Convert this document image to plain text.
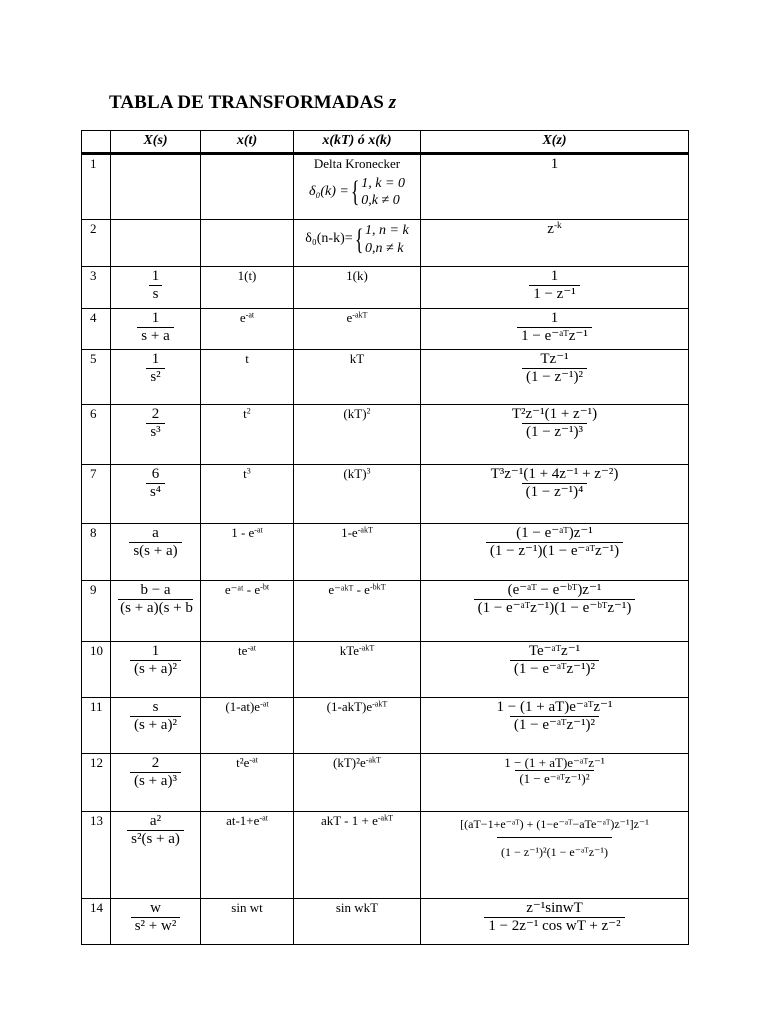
TABLA DE TRANSFORMADAS z
	X(s)	x(t)	x(kT) ó x(k)	X(z)
1			Delta Kronecker
δ₀(k) = { 1, k = 0
0,k ≠ 0	1
2			δ₀(n-k)= { 1, n = k
0,n ≠ k	$z^{-k}$
3	$\frac{1}{s}$	1(t)	1(k)	$\frac{1}{\text{1 − z⁻¹}}$

4	$\frac{1}{s + a}$	$e^{-at}$	$e^{-akT}$	$\frac{1}{\text{1 − e⁻ᵃᵀz⁻¹}}$

5	$\frac{1}{\text{s²}}$	t	kT	$\frac{\text{Tz⁻¹}}{\text{(1 − z⁻¹)²}}$

6	$\frac{2}{\text{s³}}$	$t^2$	(kT)$^2$	$\frac{\text{T²z⁻¹(1 + z⁻¹)}}{\text{(1 − z⁻¹)³}}$

7	$\frac{6}{\text{s⁴}}$	$t^3$	(kT)$^3$	$\frac{\text{T³z⁻¹(1 + 4z⁻¹ + z⁻²)}}{\text{(1 − z⁻¹)⁴}}$

8	$\frac{a}{s(s + a)}$	$1 - e^{-at}$	$1-e^{-akT}$	$\frac{\text{(1 − e⁻ᵃᵀ)z⁻¹}}{\text{(1 − z⁻¹)(1 − e⁻ᵃᵀz⁻¹)}}$

9	$\frac{b - a}{(s + a)(s + b}$	e⁻ᵃᵗ - $e^{-bt}$	e⁻ᵃᵏᵀ - $e^{-bkT}$	$\frac{\text{(e⁻ᵃᵀ − e⁻ᵇᵀ)z⁻¹}}{\text{(1 − e⁻ᵃᵀz⁻¹)(1 − e⁻ᵇᵀz⁻¹)}}$

10	$\frac{1}{\text{(s + a)²}}$	$te^{-at}$	kTe$^{-akT}$	$\frac{\text{Te⁻ᵃᵀz⁻¹}}{\text{(1 − e⁻ᵃᵀz⁻¹)²}}$

11	$\frac{s}{\text{(s + a)²}}$	$(1-at)e^{-at}$	$(1-akT)e^{-akT}$	$\frac{\text{1 − (1 + aT)e⁻ᵃᵀz⁻¹}}{\text{(1 − e⁻ᵃᵀz⁻¹)²}}$

12	$\frac{2}{\text{(s + a)³}}$	$t^2e^{-at}$	$(kT)^2e^{-akT}$	$\frac{\text{1 − (1 + aT)e⁻ᵃᵀz⁻¹}}{\text{(1 − e⁻ᵃᵀz⁻¹)²}}$

13	$\frac{\text{a²}}{\text{s²(s + a)}}$	$at-1+e^{-at}$	akT - $1 + e^{-akT}$	$\frac{\text{[(aT−1+e⁻ᵃᵀ) + (1−e⁻ᵃᵀ−aTe⁻ᵃᵀ)z⁻¹]z⁻¹}}{\text{(1 − z⁻¹)²(1 − e⁻ᵃᵀz⁻¹)}}$

14	$\frac{w}{\text{s² + w²}}$	sin wt	sin wkT	$\frac{\text{z⁻¹sinwT}}{\text{1 − 2z⁻¹ cos wT + z⁻²}}$
